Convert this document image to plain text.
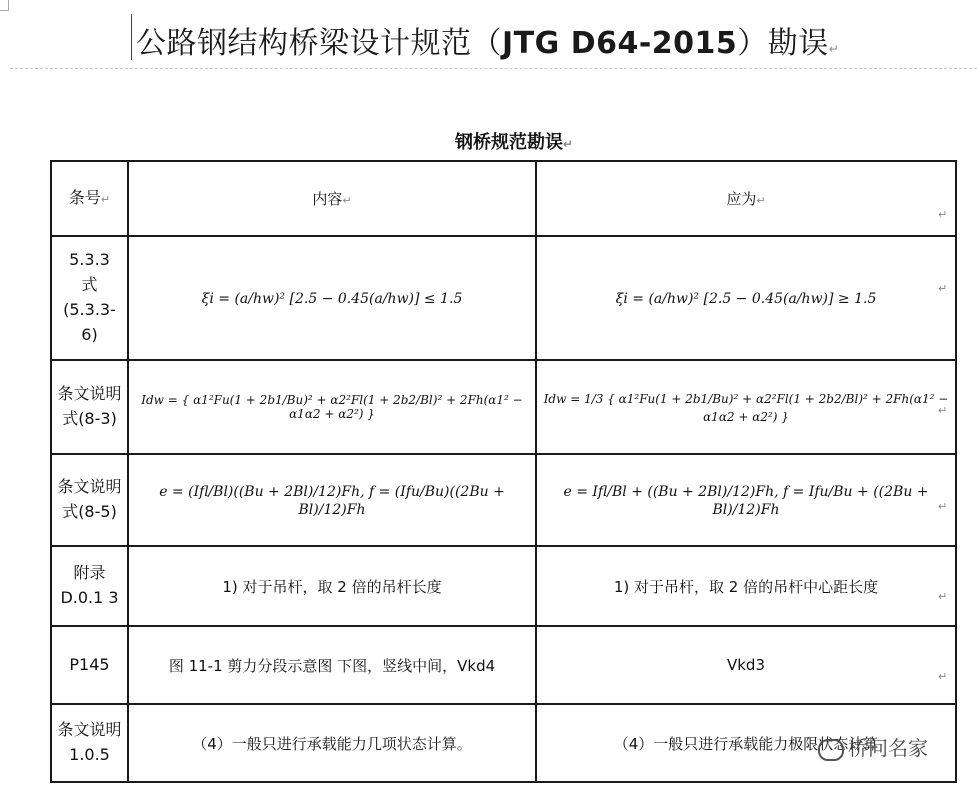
公路钢结构桥梁设计规范（JTG D64-2015）勘误↵
钢桥规范勘误↵
条号↵	内容↵	应为↵
5.3.3
式
(5.3.3-6)	ξi = (a/hw)² [2.5 − 0.45(a/hw)] ≤ 1.5	ξi = (a/hw)² [2.5 − 0.45(a/hw)] ≥ 1.5
条文说明
式(8-3)	Idw = { α1²Fu(1 + 2b1/Bu)² + α2²Fl(1 + 2b2/Bl)² + 2Fh(α1² − α1α2 + α2²) }	Idw = 1/3 { α1²Fu(1 + 2b1/Bu)² + α2²Fl(1 + 2b2/Bl)² + 2Fh(α1² − α1α2 + α2²) }
条文说明
式(8-5)	e = (Ifl/Bl)((Bu + 2Bl)/12)Fh, f = (Ifu/Bu)((2Bu + Bl)/12)Fh	e = Ifl/Bl + ((Bu + 2Bl)/12)Fh, f = Ifu/Bu + ((2Bu + Bl)/12)Fh
附录
D.0.1 3	1) 对于吊杆，取 2 倍的吊杆长度	1) 对于吊杆，取 2 倍的吊杆中心距长度
P145	图 11-1 剪力分段示意图 下图，竖线中间，Vkd4	Vkd3
条文说明
1.0.5	（4）一般只进行承载能力几项状态计算。	（4）一般只进行承载能力极限状态计算
↵
↵
↵
↵
↵
↵
桥问名家
